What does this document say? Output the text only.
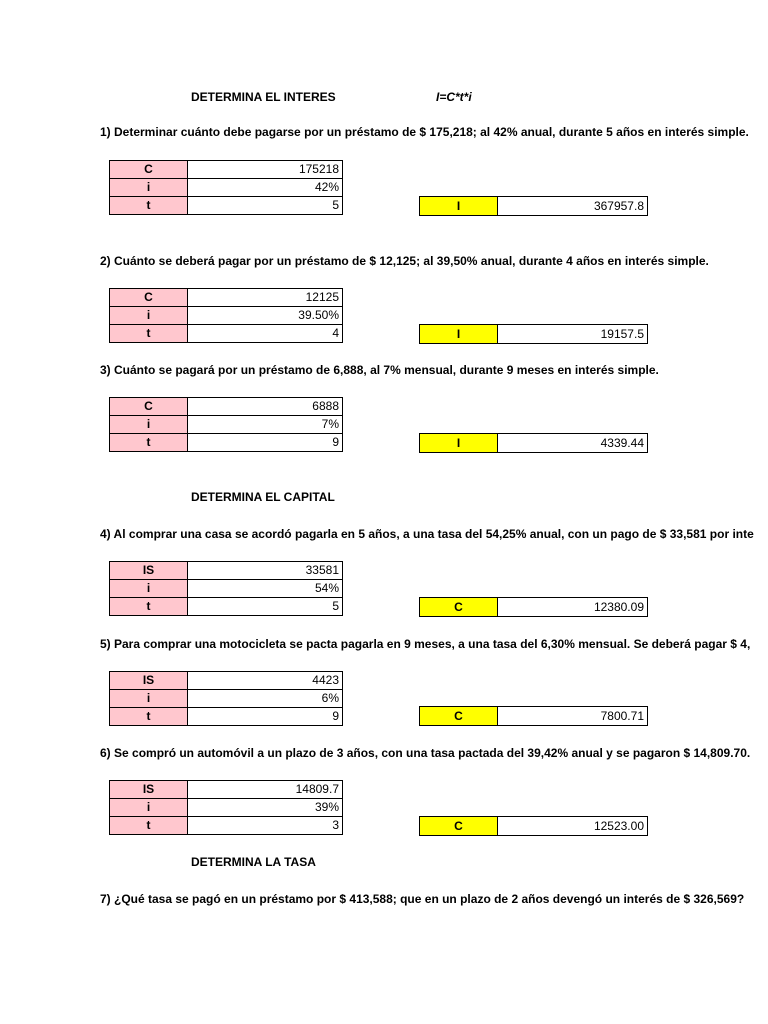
DETERMINA EL INTERES	I=C*t*i
1) Determinar cuánto debe pagarse por un préstamo de $ 175,218; al 42% anual, durante 5 años en interés simple.
C	175218
i	42%
t	5	I	367957.8
2) Cuánto se deberá pagar por un préstamo de $ 12,125; al 39,50% anual, durante 4 años en interés simple.
C	12125
i	39.50%
t	4	I	19157.5
3) Cuánto se pagará por un préstamo de 6,888, al 7% mensual, durante 9 meses en interés simple.
C	6888
i	7%
t	9	I	4339.44
DETERMINA EL CAPITAL
4) Al comprar una casa se acordó pagarla en 5 años, a una tasa del 54,25% anual, con un pago de $ 33,581 por inte
IS	33581
i	54%
t	5	C	12380.09
5) Para comprar una motocicleta se pacta pagarla en 9 meses, a una tasa del 6,30% mensual. Se deberá pagar $ 4,
IS	4423
i	6%
t	9	C	7800.71
6) Se compró un automóvil a un plazo de 3 años, con una tasa pactada del 39,42% anual y se pagaron $ 14,809.70.
IS	14809.7
i	39%
t	3	C	12523.00
DETERMINA LA TASA
7) ¿Qué tasa se pagó en un préstamo por $ 413,588; que en un plazo de 2 años devengó un interés de $ 326,569?
